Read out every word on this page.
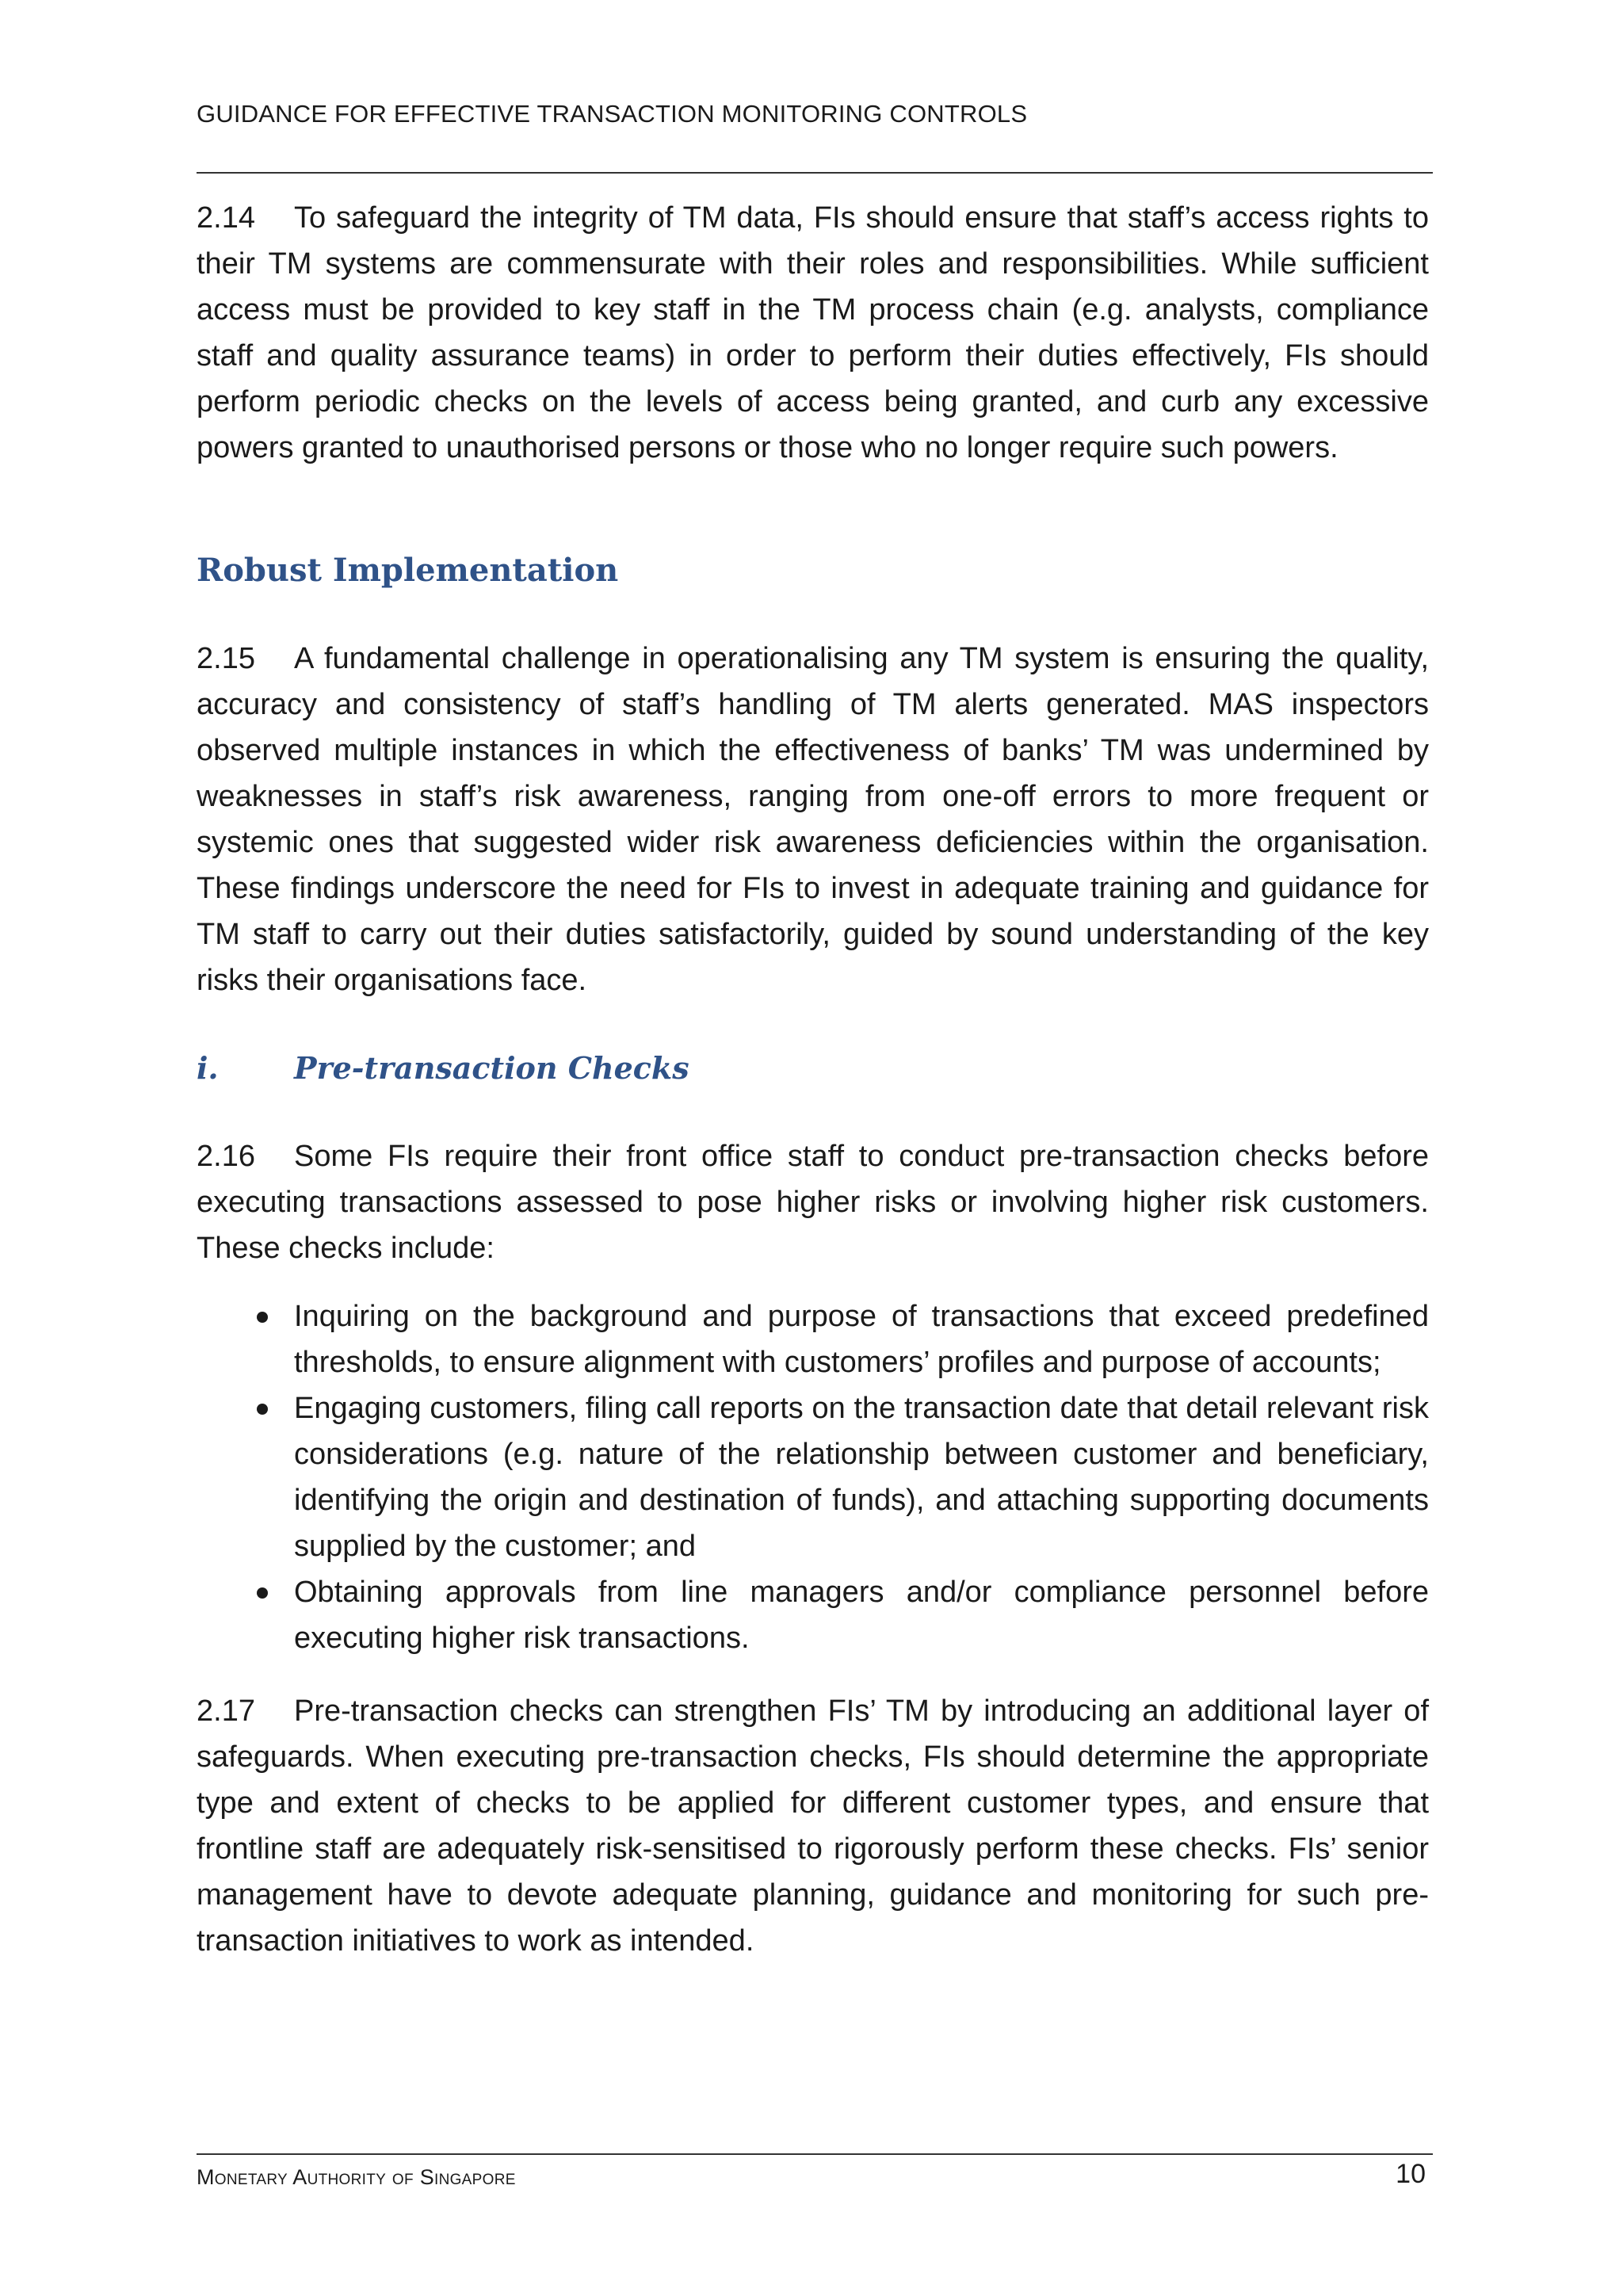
GUIDANCE FOR EFFECTIVE TRANSACTION MONITORING CONTROLS

2.14 To safeguard the integrity of TM data, FIs should ensure that staff’s access rights to their TM systems are commensurate with their roles and responsibilities. While sufficient access must be provided to key staff in the TM process chain (e.g. analysts, compliance staff and quality assurance teams) in order to perform their duties effectively, FIs should perform periodic checks on the levels of access being granted, and curb any excessive powers granted to unauthorised persons or those who no longer require such powers.

Robust Implementation

2.15 A fundamental challenge in operationalising any TM system is ensuring the quality, accuracy and consistency of staff’s handling of TM alerts generated. MAS inspectors observed multiple instances in which the effectiveness of banks’ TM was undermined by weaknesses in staff’s risk awareness, ranging from one-off errors to more frequent or systemic ones that suggested wider risk awareness deficiencies within the organisation. These findings underscore the need for FIs to invest in adequate training and guidance for TM staff to carry out their duties satisfactorily, guided by sound understanding of the key risks their organisations face.

i.	Pre-transaction Checks

2.16 Some FIs require their front office staff to conduct pre-transaction checks before executing transactions assessed to pose higher risks or involving higher risk customers. These checks include:

Inquiring on the background and purpose of transactions that exceed predefined thresholds, to ensure alignment with customers’ profiles and purpose of accounts;
Engaging customers, filing call reports on the transaction date that detail relevant risk considerations (e.g. nature of the relationship between customer and beneficiary, identifying the origin and destination of funds), and attaching supporting documents supplied by the customer; and
Obtaining approvals from line managers and/or compliance personnel before executing higher risk transactions.

2.17 Pre-transaction checks can strengthen FIs’ TM by introducing an additional layer of safeguards. When executing pre-transaction checks, FIs should determine the appropriate type and extent of checks to be applied for different customer types, and ensure that frontline staff are adequately risk-sensitised to rigorously perform these checks. FIs’ senior management have to devote adequate planning, guidance and monitoring for such pre-transaction initiatives to work as intended.

Monetary Authority of Singapore	10
